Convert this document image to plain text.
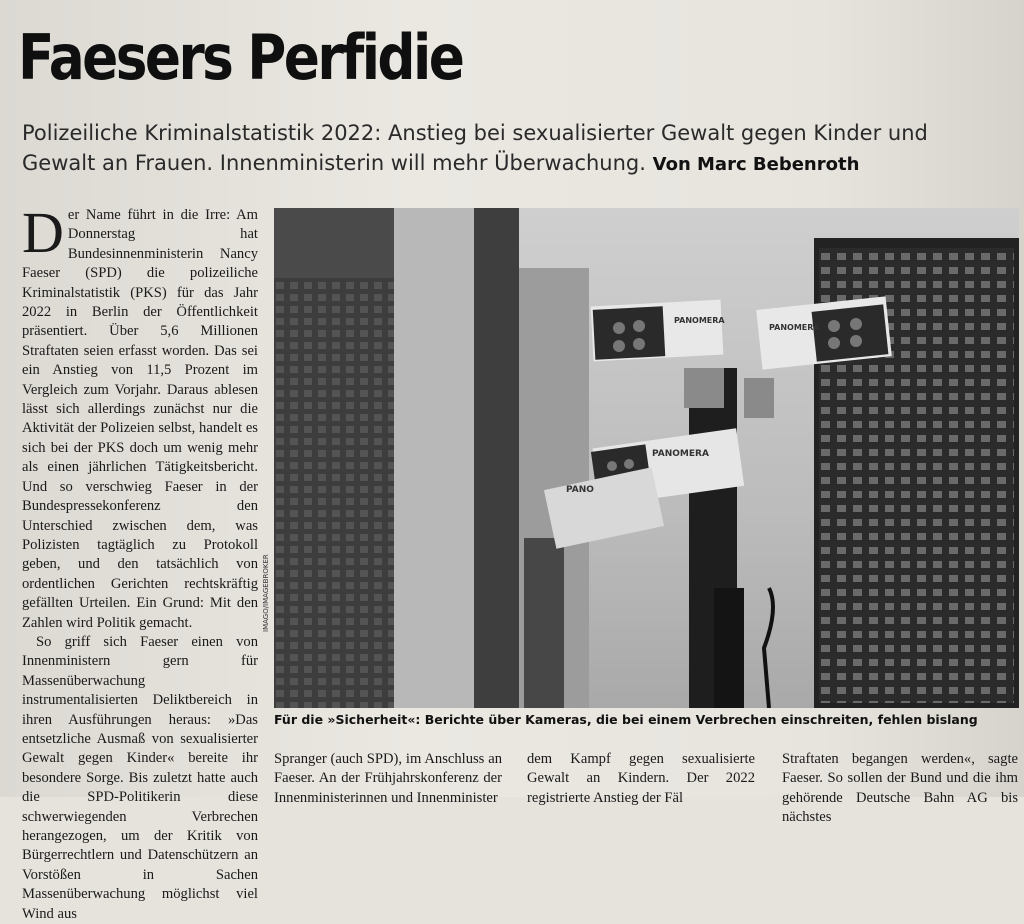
Faesers Perfidie

Polizeiliche Kriminalstatistik 2022: Anstieg bei sexualisierter Gewalt gegen Kinder und Gewalt an Frauen. Innenministerin will mehr Überwachung. Von Marc Bebenroth

Der Name führt in die Irre: Am Donnerstag hat Bundesinnenministerin Nancy Faeser (SPD) die polizeiliche Kriminalstatistik (PKS) für das Jahr 2022 in Berlin der Öffentlichkeit präsentiert. Über 5,6 Millionen Straftaten seien erfasst worden. Das sei ein Anstieg von 11,5 Prozent im Vergleich zum Vorjahr. Daraus ablesen lässt sich allerdings zunächst nur die Aktivität der Polizeien selbst, handelt es sich bei der PKS doch um wenig mehr als einen jährlichen Tätigkeitsbericht. Und so verschwieg Faeser in der Bundespressekonferenz den Unterschied zwischen dem, was Polizisten tagtäglich zu Protokoll geben, und den tatsächlich von ordentlichen Gerichten rechtskräftig gefällten Urteilen. Ein Grund: Mit den Zahlen wird Politik gemacht.

So griff sich Faeser einen von Innenministern gern für Massenüberwachung instrumentalisierten Deliktbereich in ihren Ausführungen heraus: »Das entsetzliche Ausmaß von sexualisierter Gewalt gegen Kinder« bereite ihr besondere Sorge. Bis zuletzt hatte auch die SPD-Politikerin diese schwerwiegenden Verbrechen herangezogen, um der Kritik von Bürgerrechtlern und Datenschützern an Vorstößen in Sachen Massenüberwachung möglichst viel Wind aus

PANOMERA
PANOMERA
PANOMERA
PANO
IMAGO/IMAGEBROKER

Für die »Sicherheit«: Berichte über Kameras, die bei einem Verbrechen einschreiten, fehlen bislang

Spranger (auch SPD), im Anschluss an Faeser. An der Frühjahrskonferenz der Innenministerinnen und Innenminister

dem Kampf gegen sexualisierte Gewalt an Kindern. Der 2022 registrierte Anstieg der Fäl

Straftaten begangen werden«, sagte Faeser. So sollen der Bund und die ihm gehörende Deutsche Bahn AG bis nächstes
